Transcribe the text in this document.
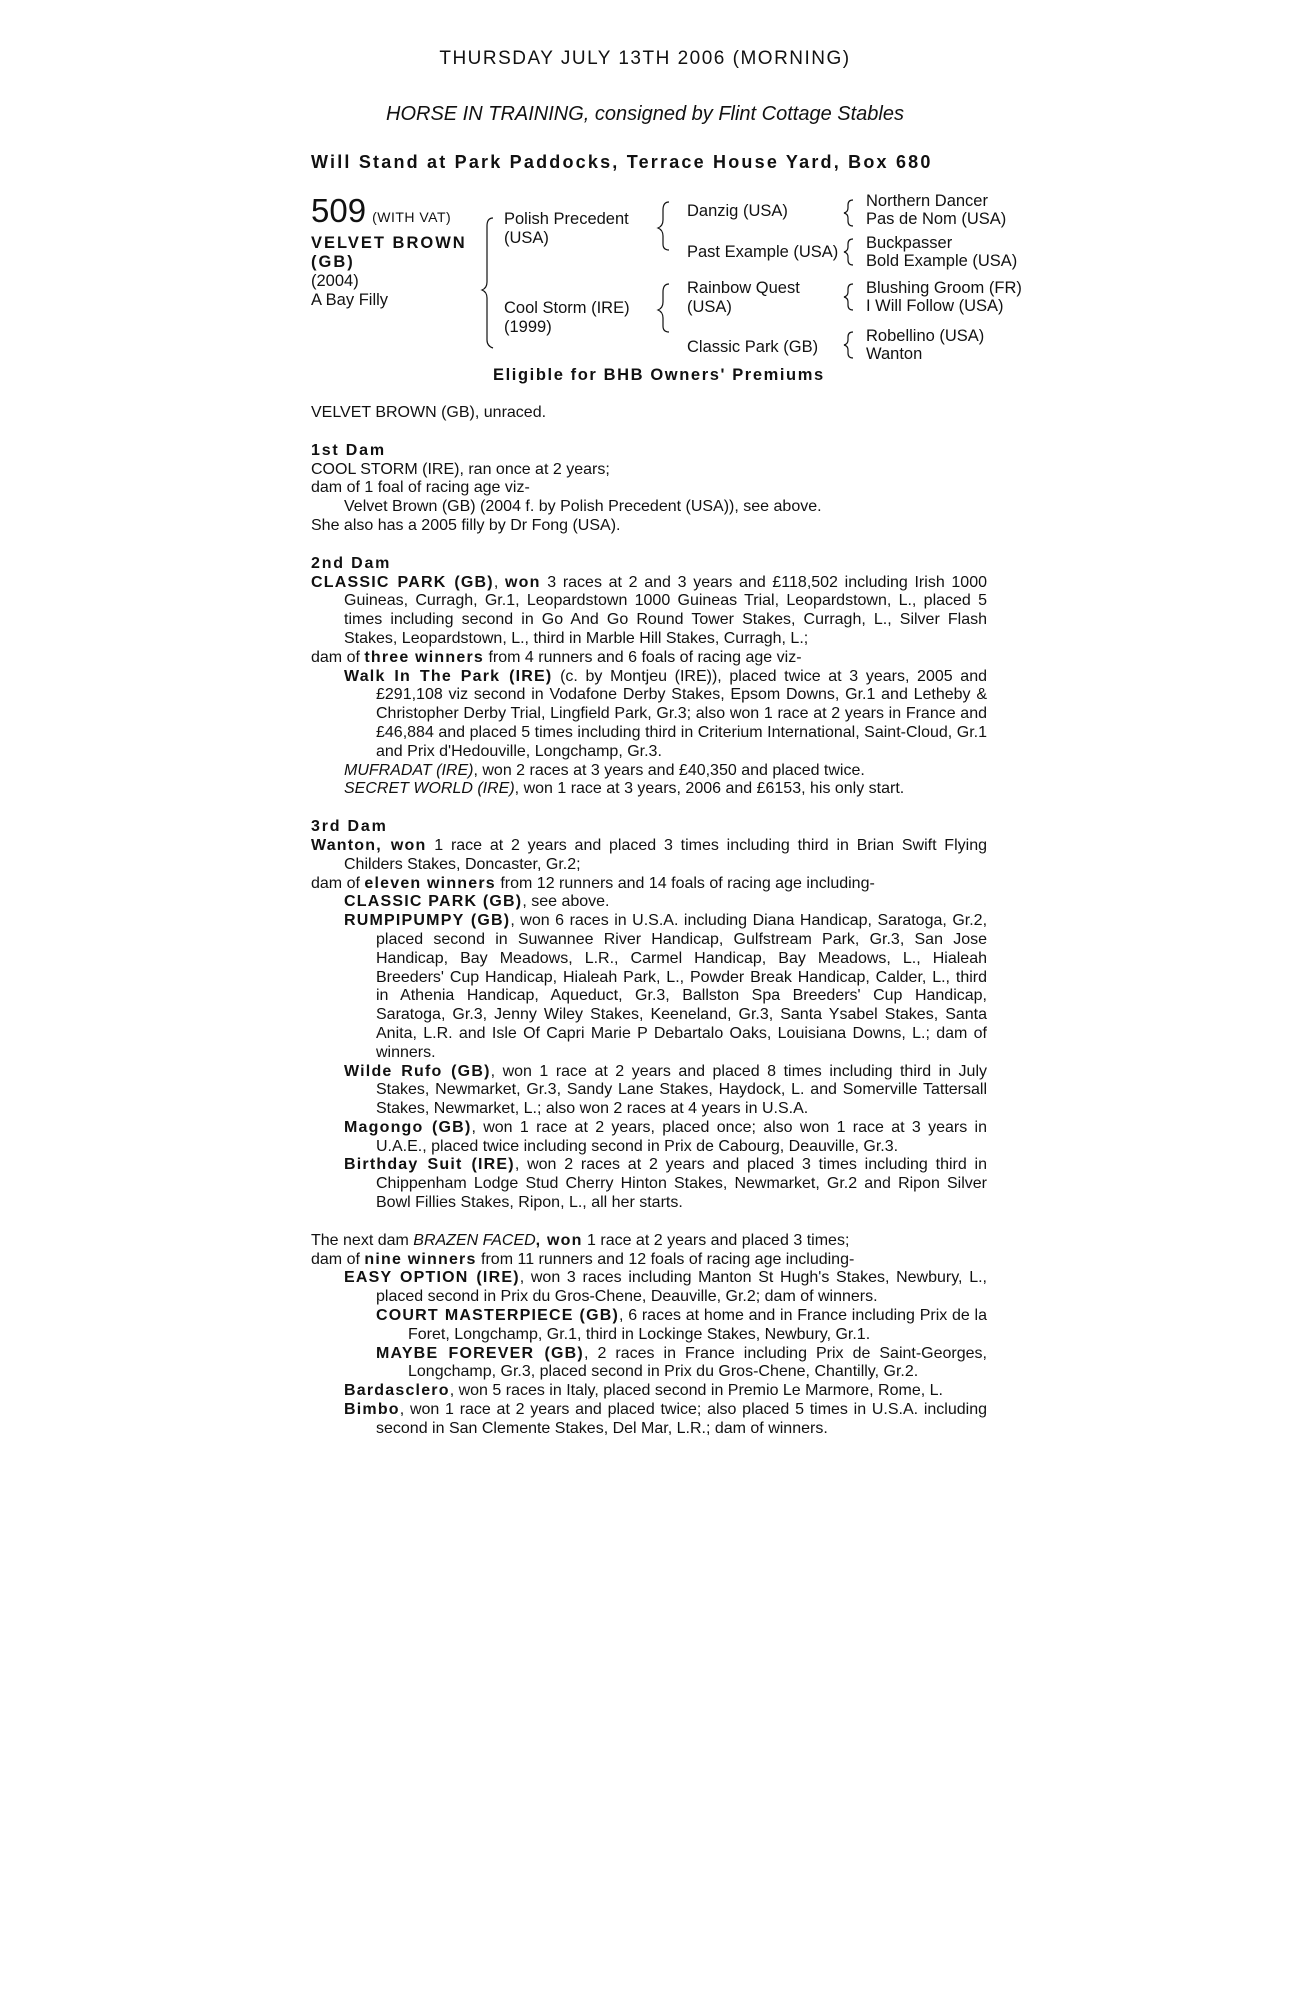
THURSDAY JULY 13TH 2006 (MORNING)
HORSE IN TRAINING, consigned by Flint Cottage Stables
Will Stand at Park Paddocks, Terrace House Yard, Box 680
509 (WITH VAT)
VELVET BROWN
(GB)
(2004)
A Bay Filly
Polish Precedent
(USA)
Cool Storm (IRE)
(1999)
Danzig (USA)
Past Example (USA)
Rainbow Quest
(USA)
Classic Park (GB)
Northern Dancer
Pas de Nom (USA)
Buckpasser
Bold Example (USA)
Blushing Groom (FR)
I Will Follow (USA)
Robellino (USA)
Wanton
Eligible for BHB Owners' Premiums

VELVET BROWN (GB), unraced.

1st Dam

COOL STORM (IRE), ran once at 2 years;

dam of 1 foal of racing age viz-

Velvet Brown (GB) (2004 f. by Polish Precedent (USA)), see above.

She also has a 2005 filly by Dr Fong (USA).

2nd Dam

CLASSIC PARK (GB), won 3 races at 2 and 3 years and £118,502 including Irish 1000 Guineas, Curragh, Gr.1, Leopardstown 1000 Guineas Trial, Leopardstown, L., placed 5 times including second in Go And Go Round Tower Stakes, Curragh, L., Silver Flash Stakes, Leopardstown, L., third in Marble Hill Stakes, Curragh, L.;

dam of three winners from 4 runners and 6 foals of racing age viz-

Walk In The Park (IRE) (c. by Montjeu (IRE)), placed twice at 3 years, 2005 and £291,108 viz second in Vodafone Derby Stakes, Epsom Downs, Gr.1 and Letheby & Christopher Derby Trial, Lingfield Park, Gr.3; also won 1 race at 2 years in France and £46,884 and placed 5 times including third in Criterium International, Saint-Cloud, Gr.1 and Prix d'Hedouville, Longchamp, Gr.3.

MUFRADAT (IRE), won 2 races at 3 years and £40,350 and placed twice.

SECRET WORLD (IRE), won 1 race at 3 years, 2006 and £6153, his only start.

3rd Dam

Wanton, won 1 race at 2 years and placed 3 times including third in Brian Swift Flying Childers Stakes, Doncaster, Gr.2;

dam of eleven winners from 12 runners and 14 foals of racing age including-

CLASSIC PARK (GB), see above.

RUMPIPUMPY (GB), won 6 races in U.S.A. including Diana Handicap, Saratoga, Gr.2, placed second in Suwannee River Handicap, Gulfstream Park, Gr.3, San Jose Handicap, Bay Meadows, L.R., Carmel Handicap, Bay Meadows, L., Hialeah Breeders' Cup Handicap, Hialeah Park, L., Powder Break Handicap, Calder, L., third in Athenia Handicap, Aqueduct, Gr.3, Ballston Spa Breeders' Cup Handicap, Saratoga, Gr.3, Jenny Wiley Stakes, Keeneland, Gr.3, Santa Ysabel Stakes, Santa Anita, L.R. and Isle Of Capri Marie P Debartalo Oaks, Louisiana Downs, L.; dam of winners.

Wilde Rufo (GB), won 1 race at 2 years and placed 8 times including third in July Stakes, Newmarket, Gr.3, Sandy Lane Stakes, Haydock, L. and Somerville Tattersall Stakes, Newmarket, L.; also won 2 races at 4 years in U.S.A.

Magongo (GB), won 1 race at 2 years, placed once; also won 1 race at 3 years in U.A.E., placed twice including second in Prix de Cabourg, Deauville, Gr.3.

Birthday Suit (IRE), won 2 races at 2 years and placed 3 times including third in Chippenham Lodge Stud Cherry Hinton Stakes, Newmarket, Gr.2 and Ripon Silver Bowl Fillies Stakes, Ripon, L., all her starts.

The next dam BRAZEN FACED, won 1 race at 2 years and placed 3 times;

dam of nine winners from 11 runners and 12 foals of racing age including-

EASY OPTION (IRE), won 3 races including Manton St Hugh's Stakes, Newbury, L., placed second in Prix du Gros-Chene, Deauville, Gr.2; dam of winners.

COURT MASTERPIECE (GB), 6 races at home and in France including Prix de la Foret, Longchamp, Gr.1, third in Lockinge Stakes, Newbury, Gr.1.

MAYBE FOREVER (GB), 2 races in France including Prix de Saint-Georges, Longchamp, Gr.3, placed second in Prix du Gros-Chene, Chantilly, Gr.2.

Bardasclero, won 5 races in Italy, placed second in Premio Le Marmore, Rome, L.

Bimbo, won 1 race at 2 years and placed twice; also placed 5 times in U.S.A. including second in San Clemente Stakes, Del Mar, L.R.; dam of winners.
